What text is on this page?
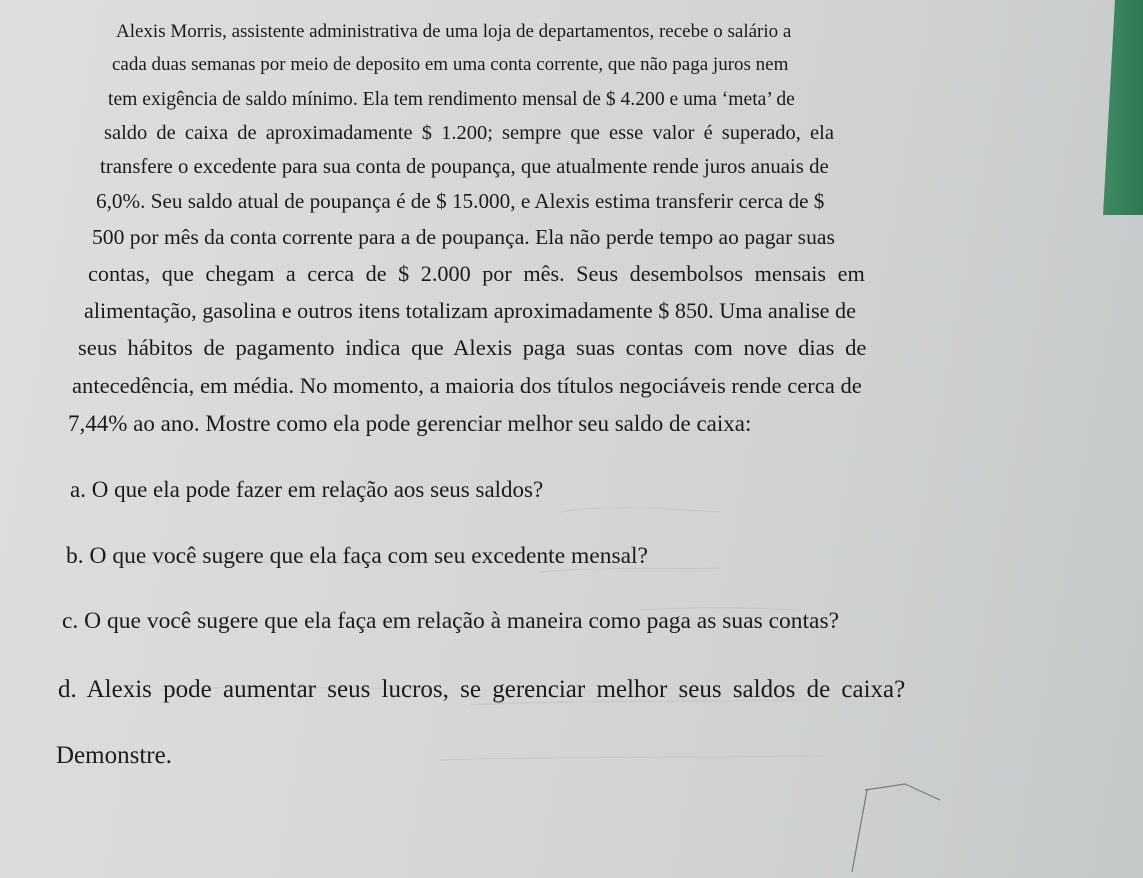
Alexis Morris, assistente administrativa de uma loja de departamentos, recebe o salário a
cada duas semanas por meio de deposito em uma conta corrente, que não paga juros nem
tem exigência de saldo mínimo. Ela tem rendimento mensal de $ 4.200 e uma ‘meta’ de
saldo de caixa de aproximadamente $ 1.200; sempre que esse valor é superado, ela
transfere o excedente para sua conta de poupança, que atualmente rende juros anuais de
6,0%. Seu saldo atual de poupança é de $ 15.000, e Alexis estima transferir cerca de $
500 por mês da conta corrente para a de poupança. Ela não perde tempo ao pagar suas
contas, que chegam a cerca de $ 2.000 por mês. Seus desembolsos mensais em
alimentação, gasolina e outros itens totalizam aproximadamente $ 850. Uma analise de
seus hábitos de pagamento indica que Alexis paga suas contas com nove dias de
antecedência, em média. No momento, a maioria dos títulos negociáveis rende cerca de
7,44% ao ano. Mostre como ela pode gerenciar melhor seu saldo de caixa:
a. O que ela pode fazer em relação aos seus saldos?
b. O que você sugere que ela faça com seu excedente mensal?
c. O que você sugere que ela faça em relação à maneira como paga as suas contas?
d. Alexis pode aumentar seus lucros, se gerenciar melhor seus saldos de caixa?
Demonstre.
